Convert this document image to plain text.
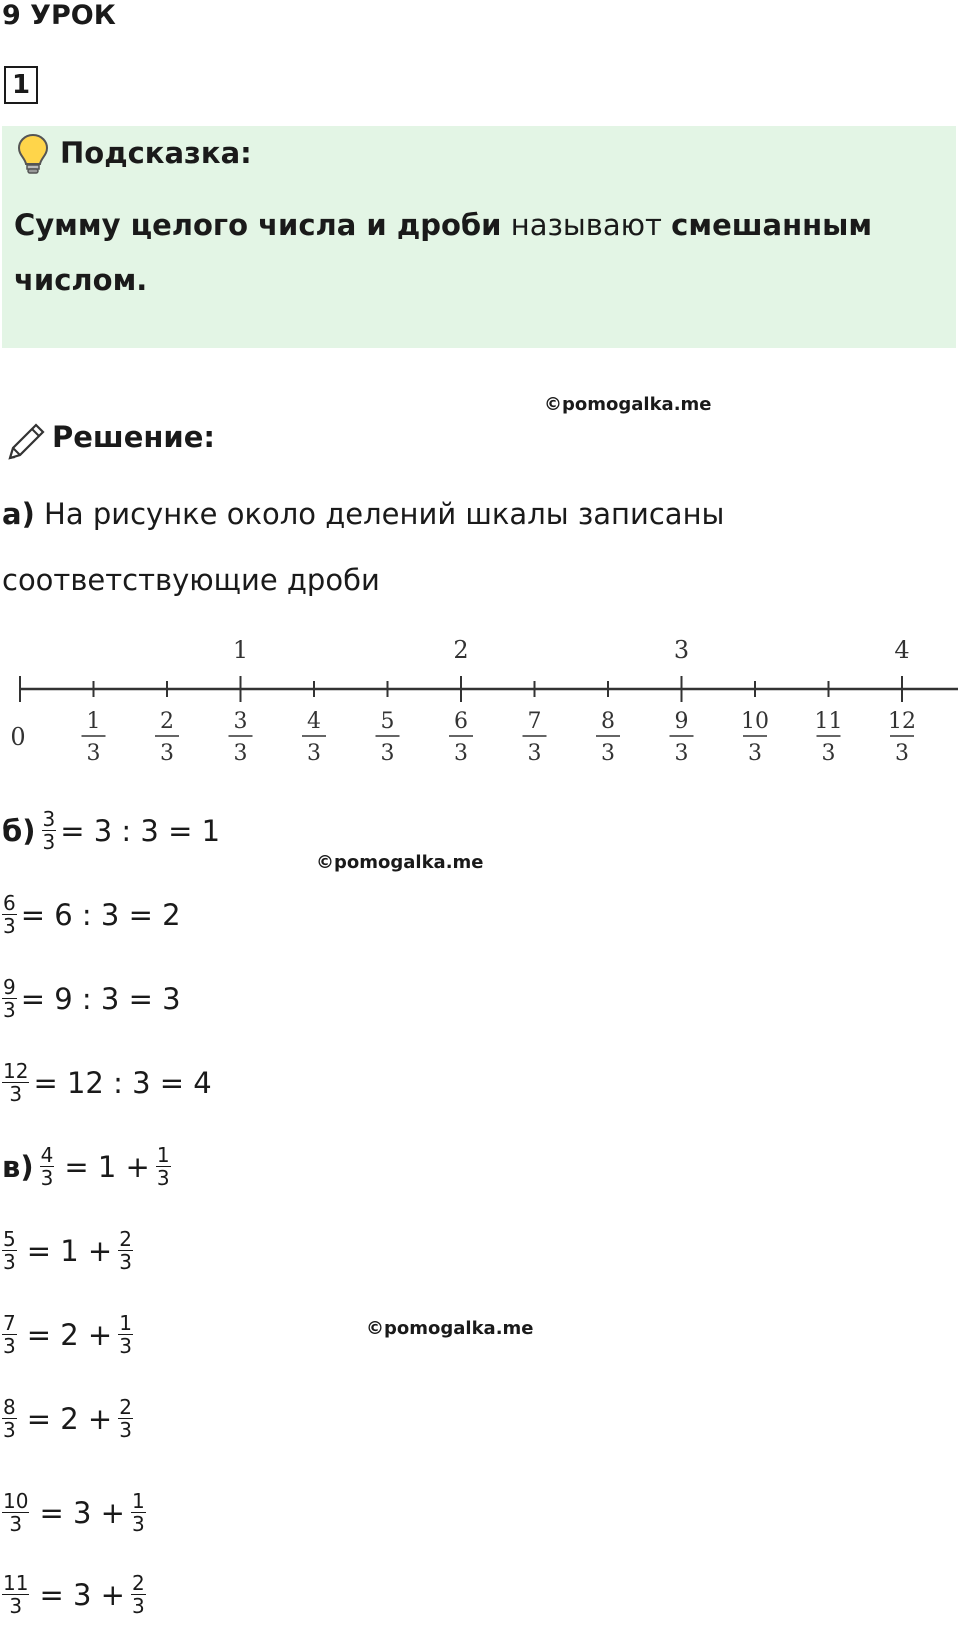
9 УРОК
1
Подсказка:
Сумму целого числа и дроби называют смешанным числом.
©pomogalka.me
Решение:
а) На рисунке около делений шкалы записаны
соответствующие дроби
0
1	2	3	4
1
3
2
3
3
3
4
3
5
3
6
3
7
3
8
3
9
3
10
3
11
3
12
3
©pomogalka.me
©pomogalka.me
$б) \frac{3}{3} = 3$ : 3 = 1
$\frac{6}{3} = 6$ : 3 = 2
$\frac{9}{3} = 9$ : 3 = 3
$\frac{12}{3} = 12$ : 3 = 4
$в) \frac{4}{3} = 1 + \frac{1}{3}$
$\frac{5}{3} = 1 + \frac{2}{3}$
$\frac{7}{3} = 2 + \frac{1}{3}$
$\frac{8}{3} = 2 + \frac{2}{3}$
$\frac{10}{3} = 3 + \frac{1}{3}$
$\frac{11}{3} = 3 + \frac{2}{3}$
